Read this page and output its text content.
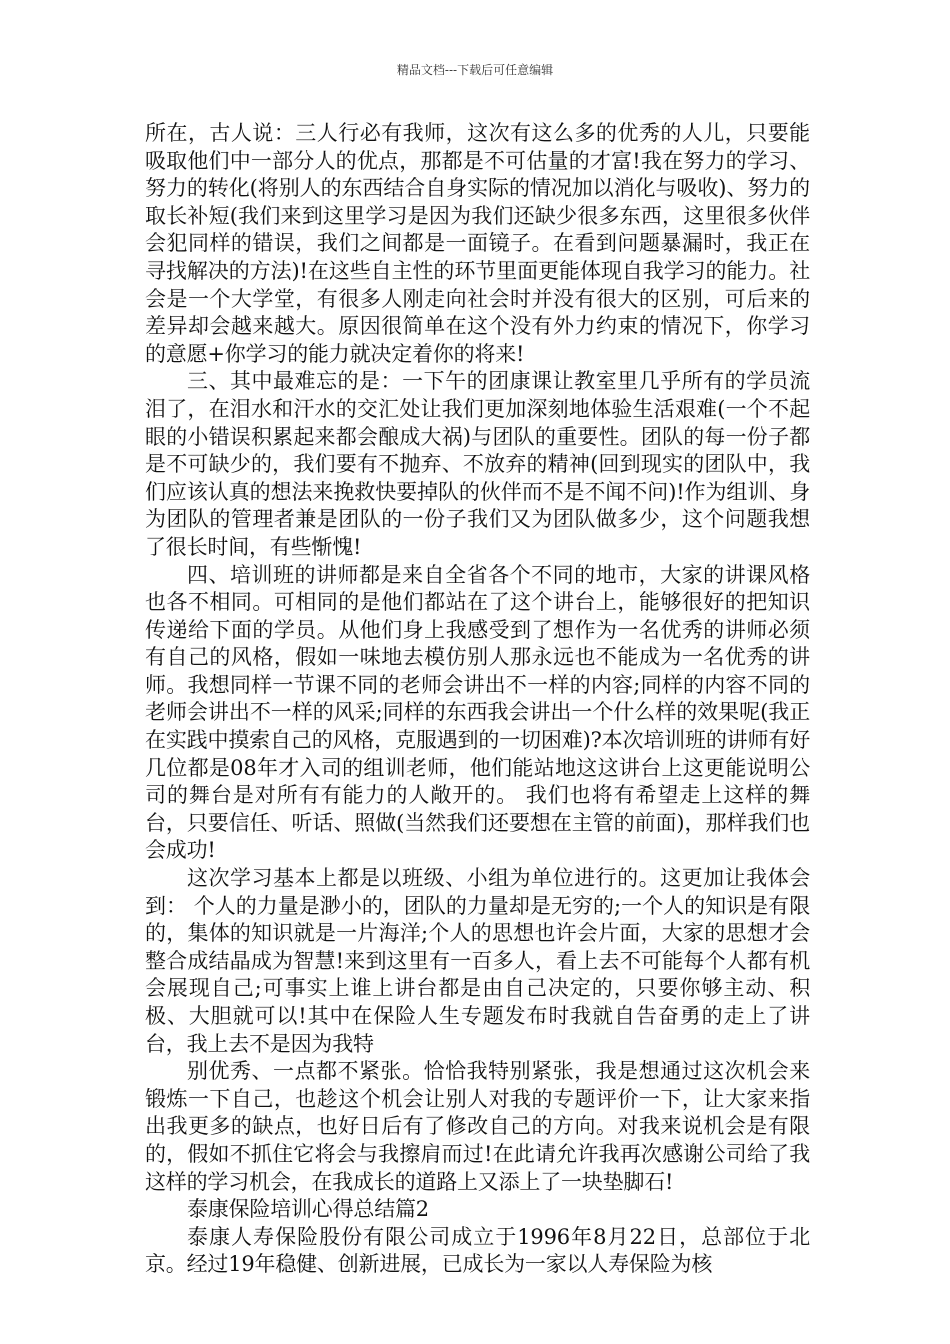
精品文档---下载后可任意编辑

所在，古人说：三人行必有我师，这次有这么多的优秀的人儿，只要能吸取他们中一部分人的优点，那都是不可估量的才富!我在努力的学习、努力的转化(将别人的东西结合自身实际的情况加以消化与吸收)、努力的取长补短(我们来到这里学习是因为我们还缺少很多东西，这里很多伙伴会犯同样的错误，我们之间都是一面镜子。在看到问题暴漏时，我正在寻找解决的方法)!在这些自主性的环节里面更能体现自我学习的能力。社会是一个大学堂，有很多人刚走向社会时并没有很大的区别，可后来的差异却会越来越大。原因很简单在这个没有外力约束的情况下，你学习的意愿+你学习的能力就决定着你的将来!

三、其中最难忘的是：一下午的团康课让教室里几乎所有的学员流泪了，在泪水和汗水的交汇处让我们更加深刻地体验生活艰难(一个不起眼的小错误积累起来都会酿成大祸)与团队的重要性。团队的每一份子都是不可缺少的，我们要有不抛弃、不放弃的精神(回到现实的团队中，我们应该认真的想法来挽救快要掉队的伙伴而不是不闻不问)!作为组训、身为团队的管理者兼是团队的一份子我们又为团队做多少，这个问题我想了很长时间，有些惭愧!

四、培训班的讲师都是来自全省各个不同的地市，大家的讲课风格也各不相同。可相同的是他们都站在了这个讲台上，能够很好的把知识传递给下面的学员。从他们身上我感受到了想作为一名优秀的讲师必须有自己的风格，假如一味地去模仿别人那永远也不能成为一名优秀的讲师。我想同样一节课不同的老师会讲出不一样的内容;同样的内容不同的老师会讲出不一样的风采;同样的东西我会讲出一个什么样的效果呢(我正在实践中摸索自己的风格，克服遇到的一切困难)?本次培训班的讲师有好几位都是08年才入司的组训老师，他们能站地这这讲台上这更能说明公司的舞台是对所有有能力的人敞开的。 我们也将有希望走上这样的舞台，只要信任、听话、照做(当然我们还要想在主管的前面)，那样我们也会成功!

这次学习基本上都是以班级、小组为单位进行的。这更加让我体会到： 个人的力量是渺小的，团队的力量却是无穷的;一个人的知识是有限的，集体的知识就是一片海洋;个人的思想也许会片面，大家的思想才会整合成结晶成为智慧!来到这里有一百多人，看上去不可能每个人都有机会展现自己;可事实上谁上讲台都是由自己决定的，只要你够主动、积极、大胆就可以!其中在保险人生专题发布时我就自告奋勇的走上了讲台，我上去不是因为我特

别优秀、一点都不紧张。恰恰我特别紧张，我是想通过这次机会来锻炼一下自己，也趁这个机会让别人对我的专题评价一下，让大家来指出我更多的缺点，也好日后有了修改自己的方向。对我来说机会是有限的，假如不抓住它将会与我擦肩而过!在此请允许我再次感谢公司给了我这样的学习机会，在我成长的道路上又添上了一块垫脚石!

泰康保险培训心得总结篇2

泰康人寿保险股份有限公司成立于1996年8月22日，总部位于北京。经过19年稳健、创新进展，已成长为一家以人寿保险为核
